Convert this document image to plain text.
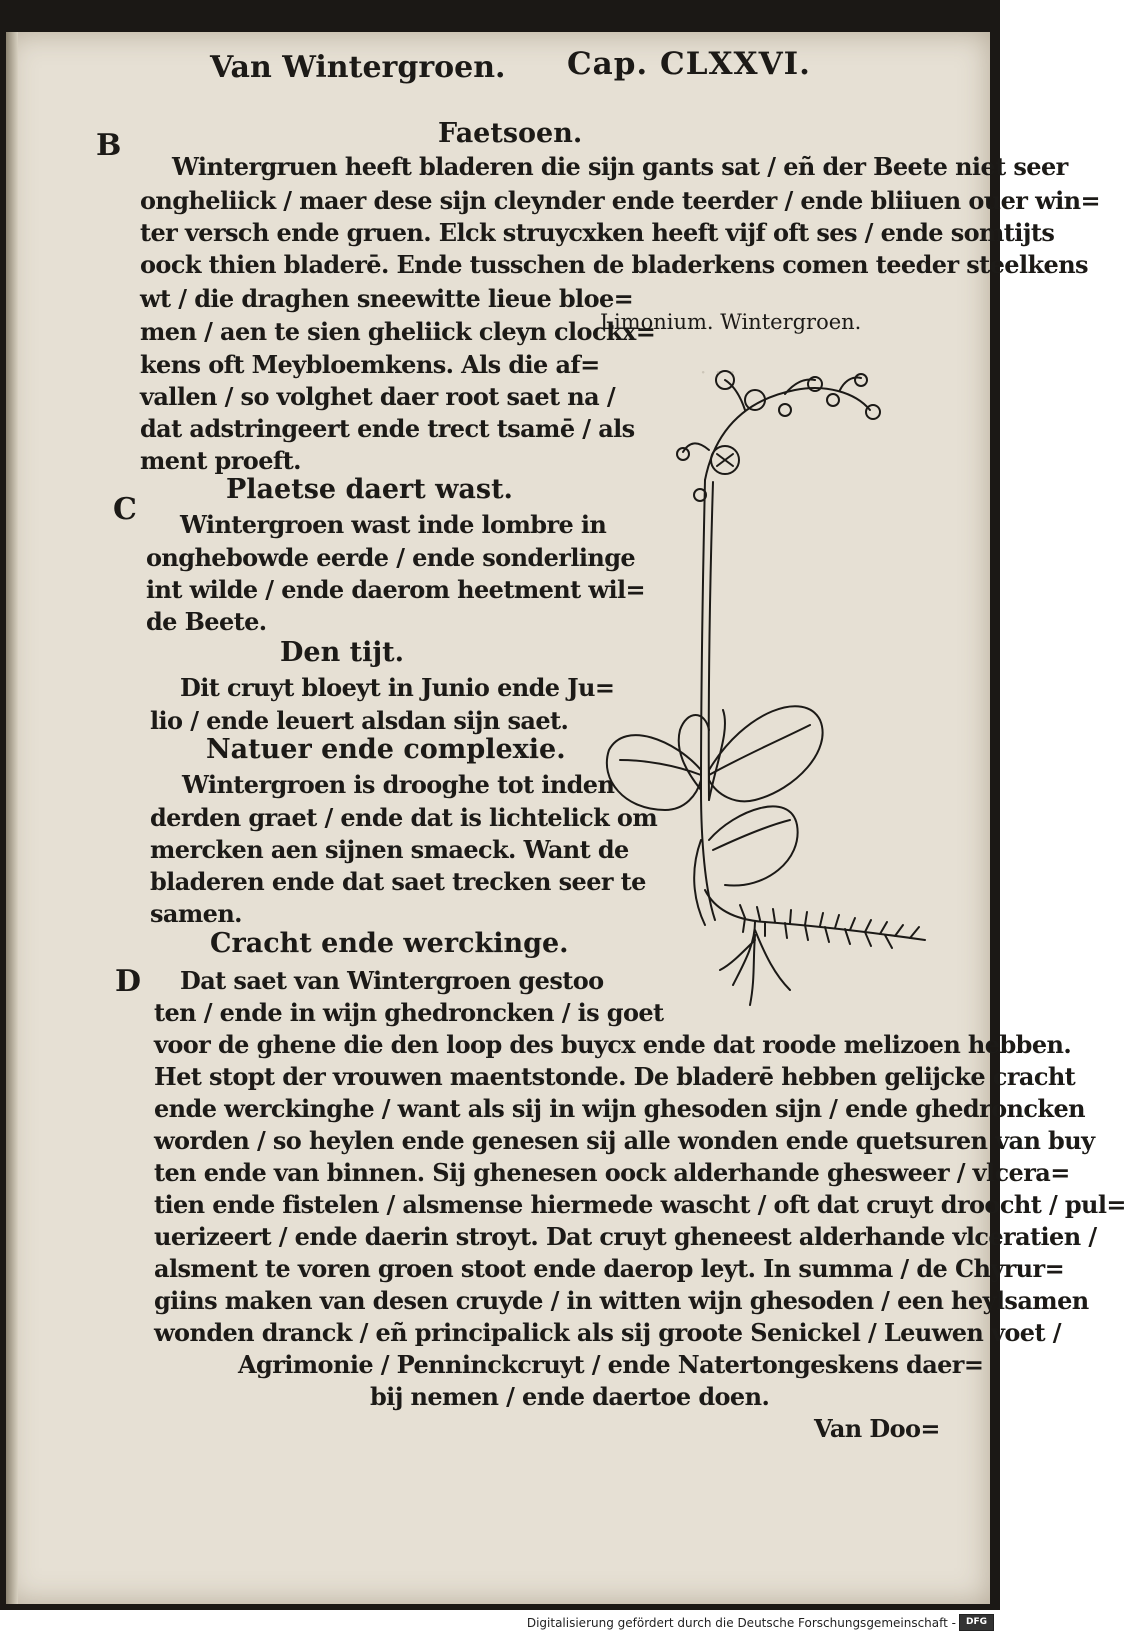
Van Wintergroen. Cap. CLXXVI.

B

C

D

Faetsoen.

Wintergruen heeft bladeren die sijn gants sat / eñ der Beete niet seer

ongheliick / maer dese sijn cleynder ende teerder / ende bliiuen ouer win=

ter versch ende gruen. Elck struycxken heeft vijf oft ses / ende somtijts

oock thien bladerē. Ende tusschen de bladerkens comen teeder steelkens

wt / die draghen sneewitte lieue bloe=

men / aen te sien gheliick cleyn clockx=

kens oft Meybloemkens. Als die af=

vallen / so volghet daer root saet na /

dat adstringeert ende trect tsamē / als

ment proeft.

Plaetse daert wast.

Wintergroen wast inde lombre in

onghebowde eerde / ende sonderlinge

int wilde / ende daerom heetment wil=

de Beete.

Den tijt.

Dit cruyt bloeyt in Junio ende Ju=

lio / ende leuert alsdan sijn saet.

Natuer ende complexie.

Wintergroen is drooghe tot inden

derden graet / ende dat is lichtelick om

mercken aen sijnen smaeck. Want de

bladeren ende dat saet trecken seer te

samen.

Cracht ende werckinge.

Dat saet van Wintergroen gestoo

ten / ende in wijn ghedroncken / is goet

voor de ghene die den loop des buycx ende dat roode melizoen hebben.

Het stopt der vrouwen maentstonde. De bladerē hebben gelijcke cracht

ende werckinghe / want als sij in wijn ghesoden sijn / ende ghedroncken

worden / so heylen ende genesen sij alle wonden ende quetsuren van buy

ten ende van binnen. Sij ghenesen oock alderhande ghesweer / vlcera=

tien ende fistelen / alsmense hiermede wascht / oft dat cruyt droocht / pul=

uerizeert / ende daerin stroyt. Dat cruyt gheneest alderhande vlceratien /

alsment te voren groen stoot ende daerop leyt. In summa / de Chyrur=

giins maken van desen cruyde / in witten wijn ghesoden / een heylsamen

wonden dranck / eñ principalick als sij groote Senickel / Leuwen voet /

Agrimonie / Penninckcruyt / ende Natertongeskens daer=

bij nemen / ende daertoe doen.

Van Doo=

Limonium. Wintergroen.
· · ·
Digitalisierung gefördert durch die Deutsche Forschungsgemeinschaft -	DFG
